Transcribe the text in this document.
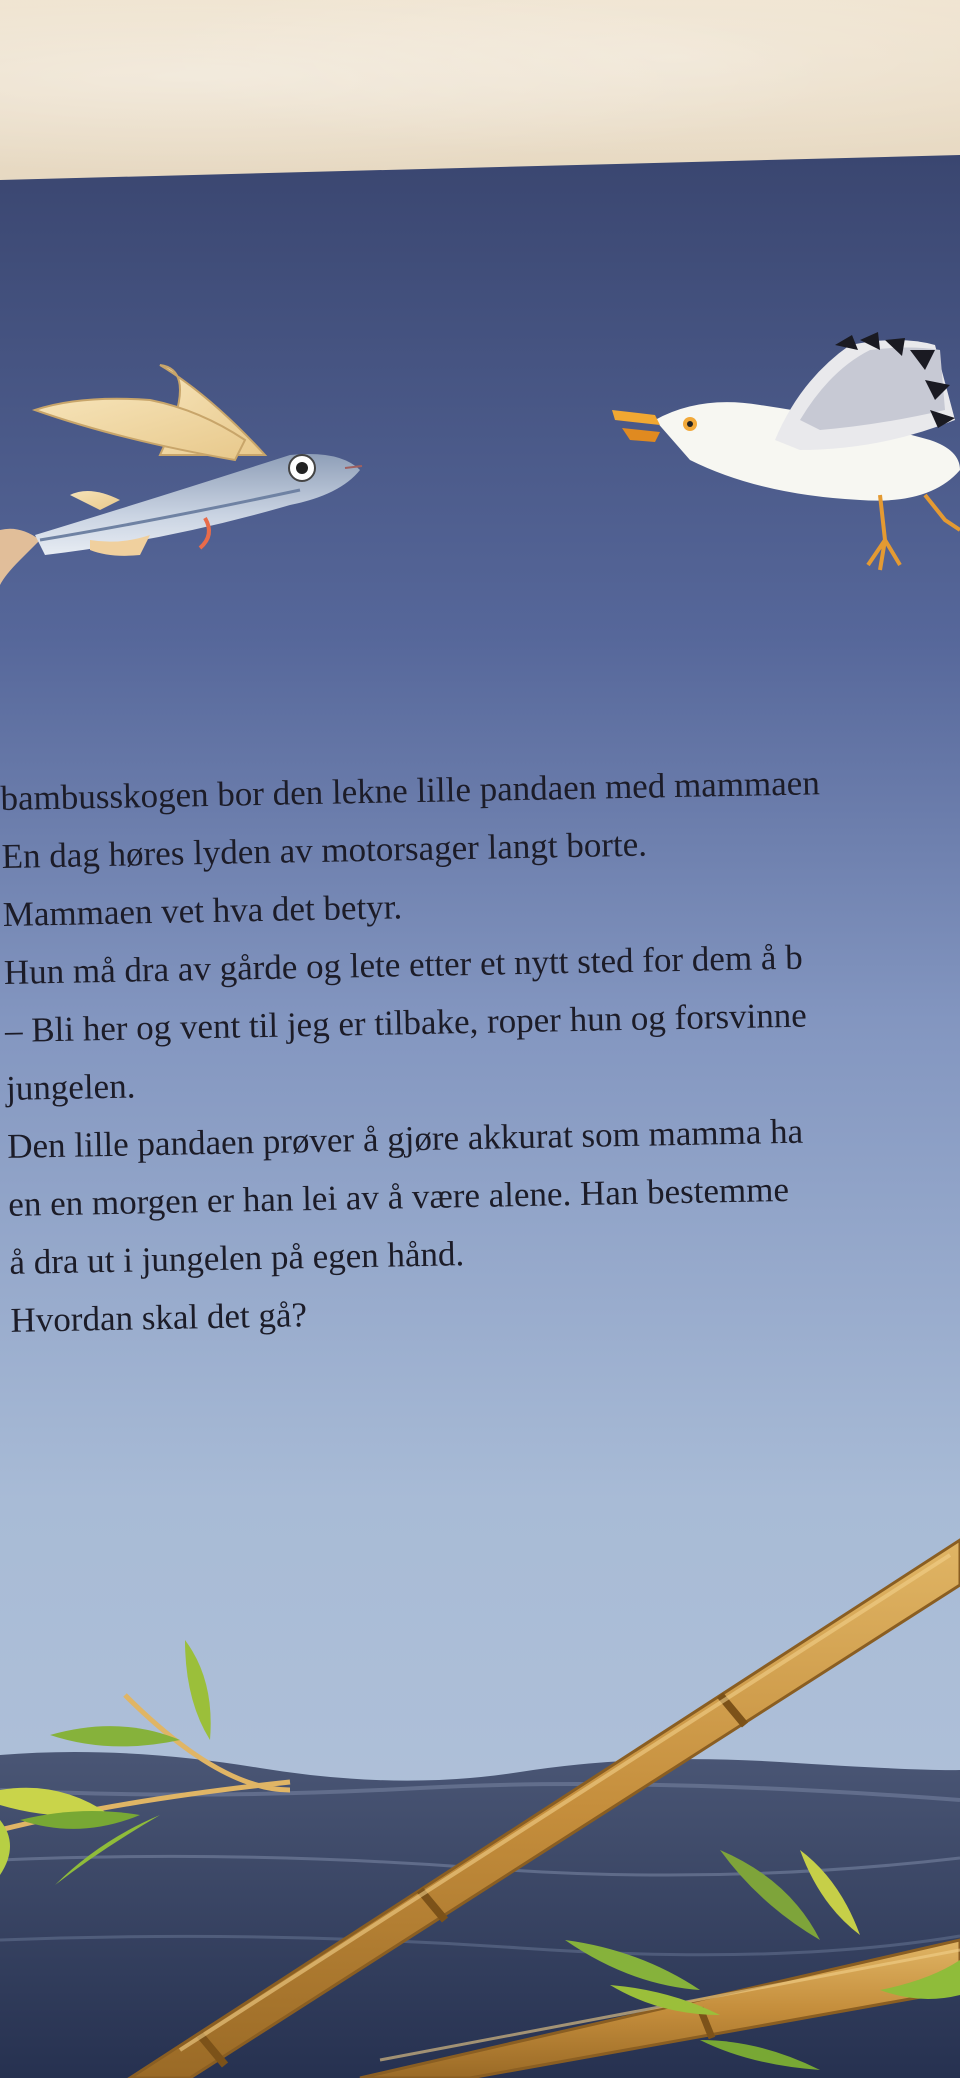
bambusskogen bor den lekne lille pandaen med mammaen
En dag høres lyden av motorsager langt borte.
Mammaen vet hva det betyr.
Hun må dra av gårde og lete etter et nytt sted for dem å b
– Bli her og vent til jeg er tilbake, roper hun og forsvinne
jungelen.
Den lille pandaen prøver å gjøre akkurat som mamma ha
en en morgen er han lei av å være alene. Han bestemme
å dra ut i jungelen på egen hånd.
Hvordan skal det gå?
